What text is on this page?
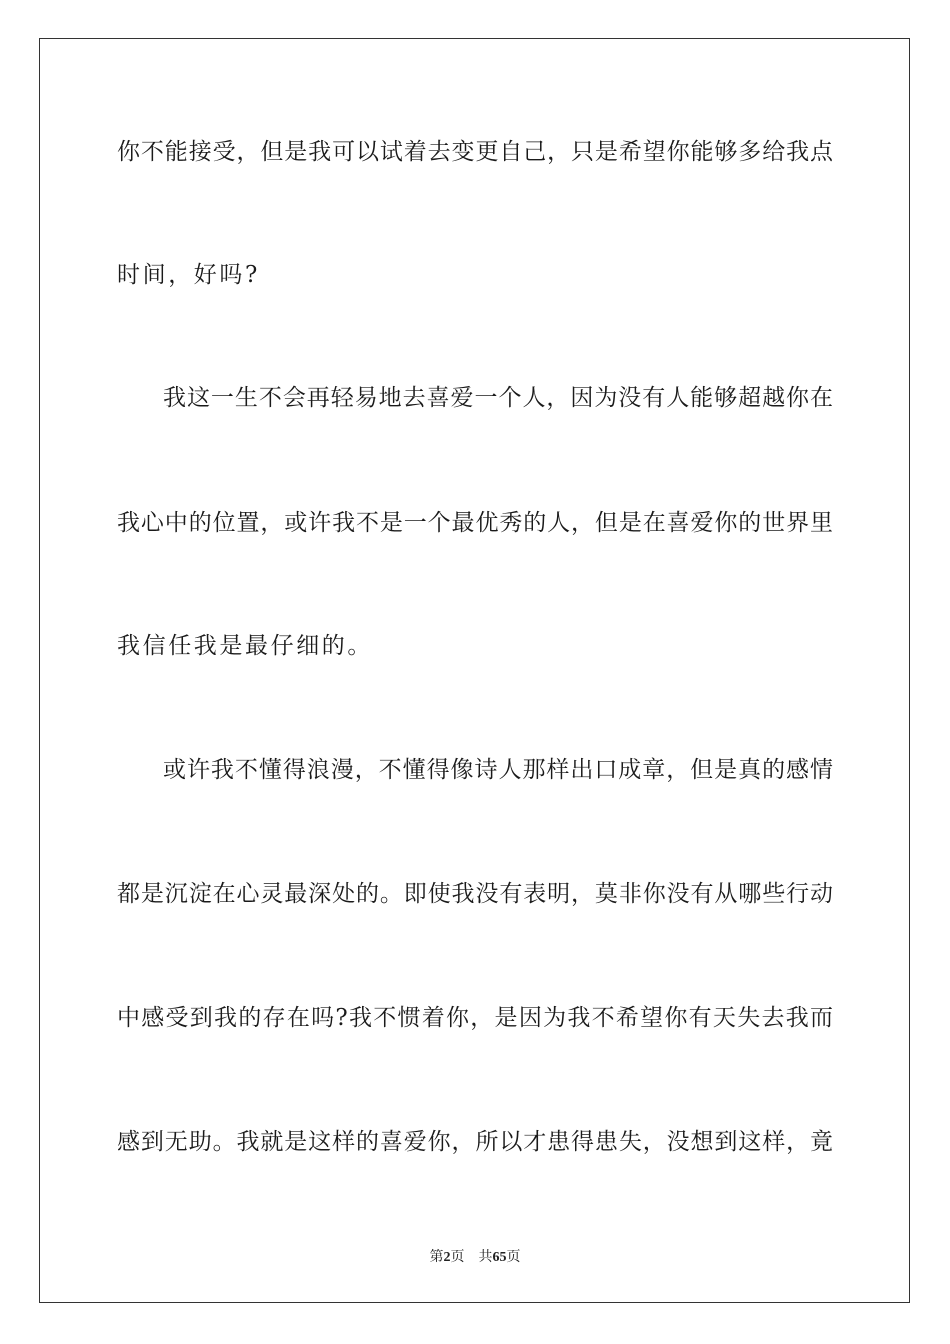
你不能接受，但是我可以试着去变更自己，只是希望你能够多给我点
时间，好吗?
我这一生不会再轻易地去喜爱一个人，因为没有人能够超越你在
我心中的位置，或许我不是一个最优秀的人，但是在喜爱你的世界里
我信任我是最仔细的。
或许我不懂得浪漫，不懂得像诗人那样出口成章，但是真的感情
都是沉淀在心灵最深处的。即使我没有表明，莫非你没有从哪些行动
中感受到我的存在吗?我不惯着你，是因为我不希望你有天失去我而
感到无助。我就是这样的喜爱你，所以才患得患失，没想到这样，竟
第2页 共65页
